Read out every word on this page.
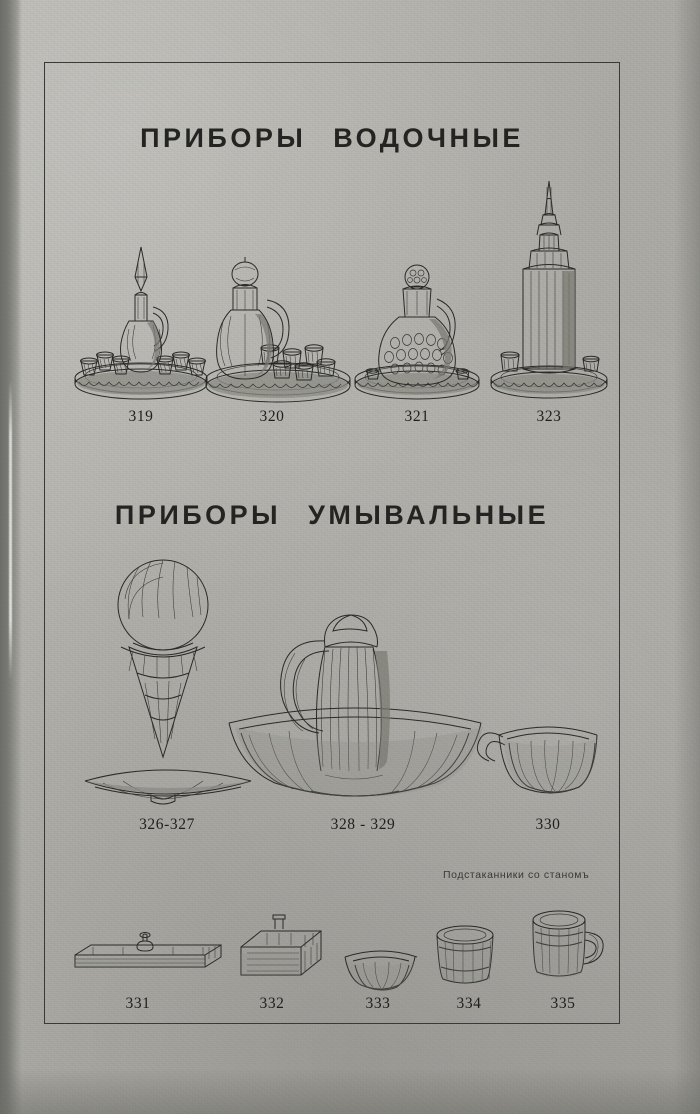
ПРИБОРЫ ВОДОЧНЫЕ
319	320	321	323
ПРИБОРЫ УМЫВАЛЬНЫЕ
326-327	328 - 329	330
Подстаканники со станомъ
331	332	333	334	335
